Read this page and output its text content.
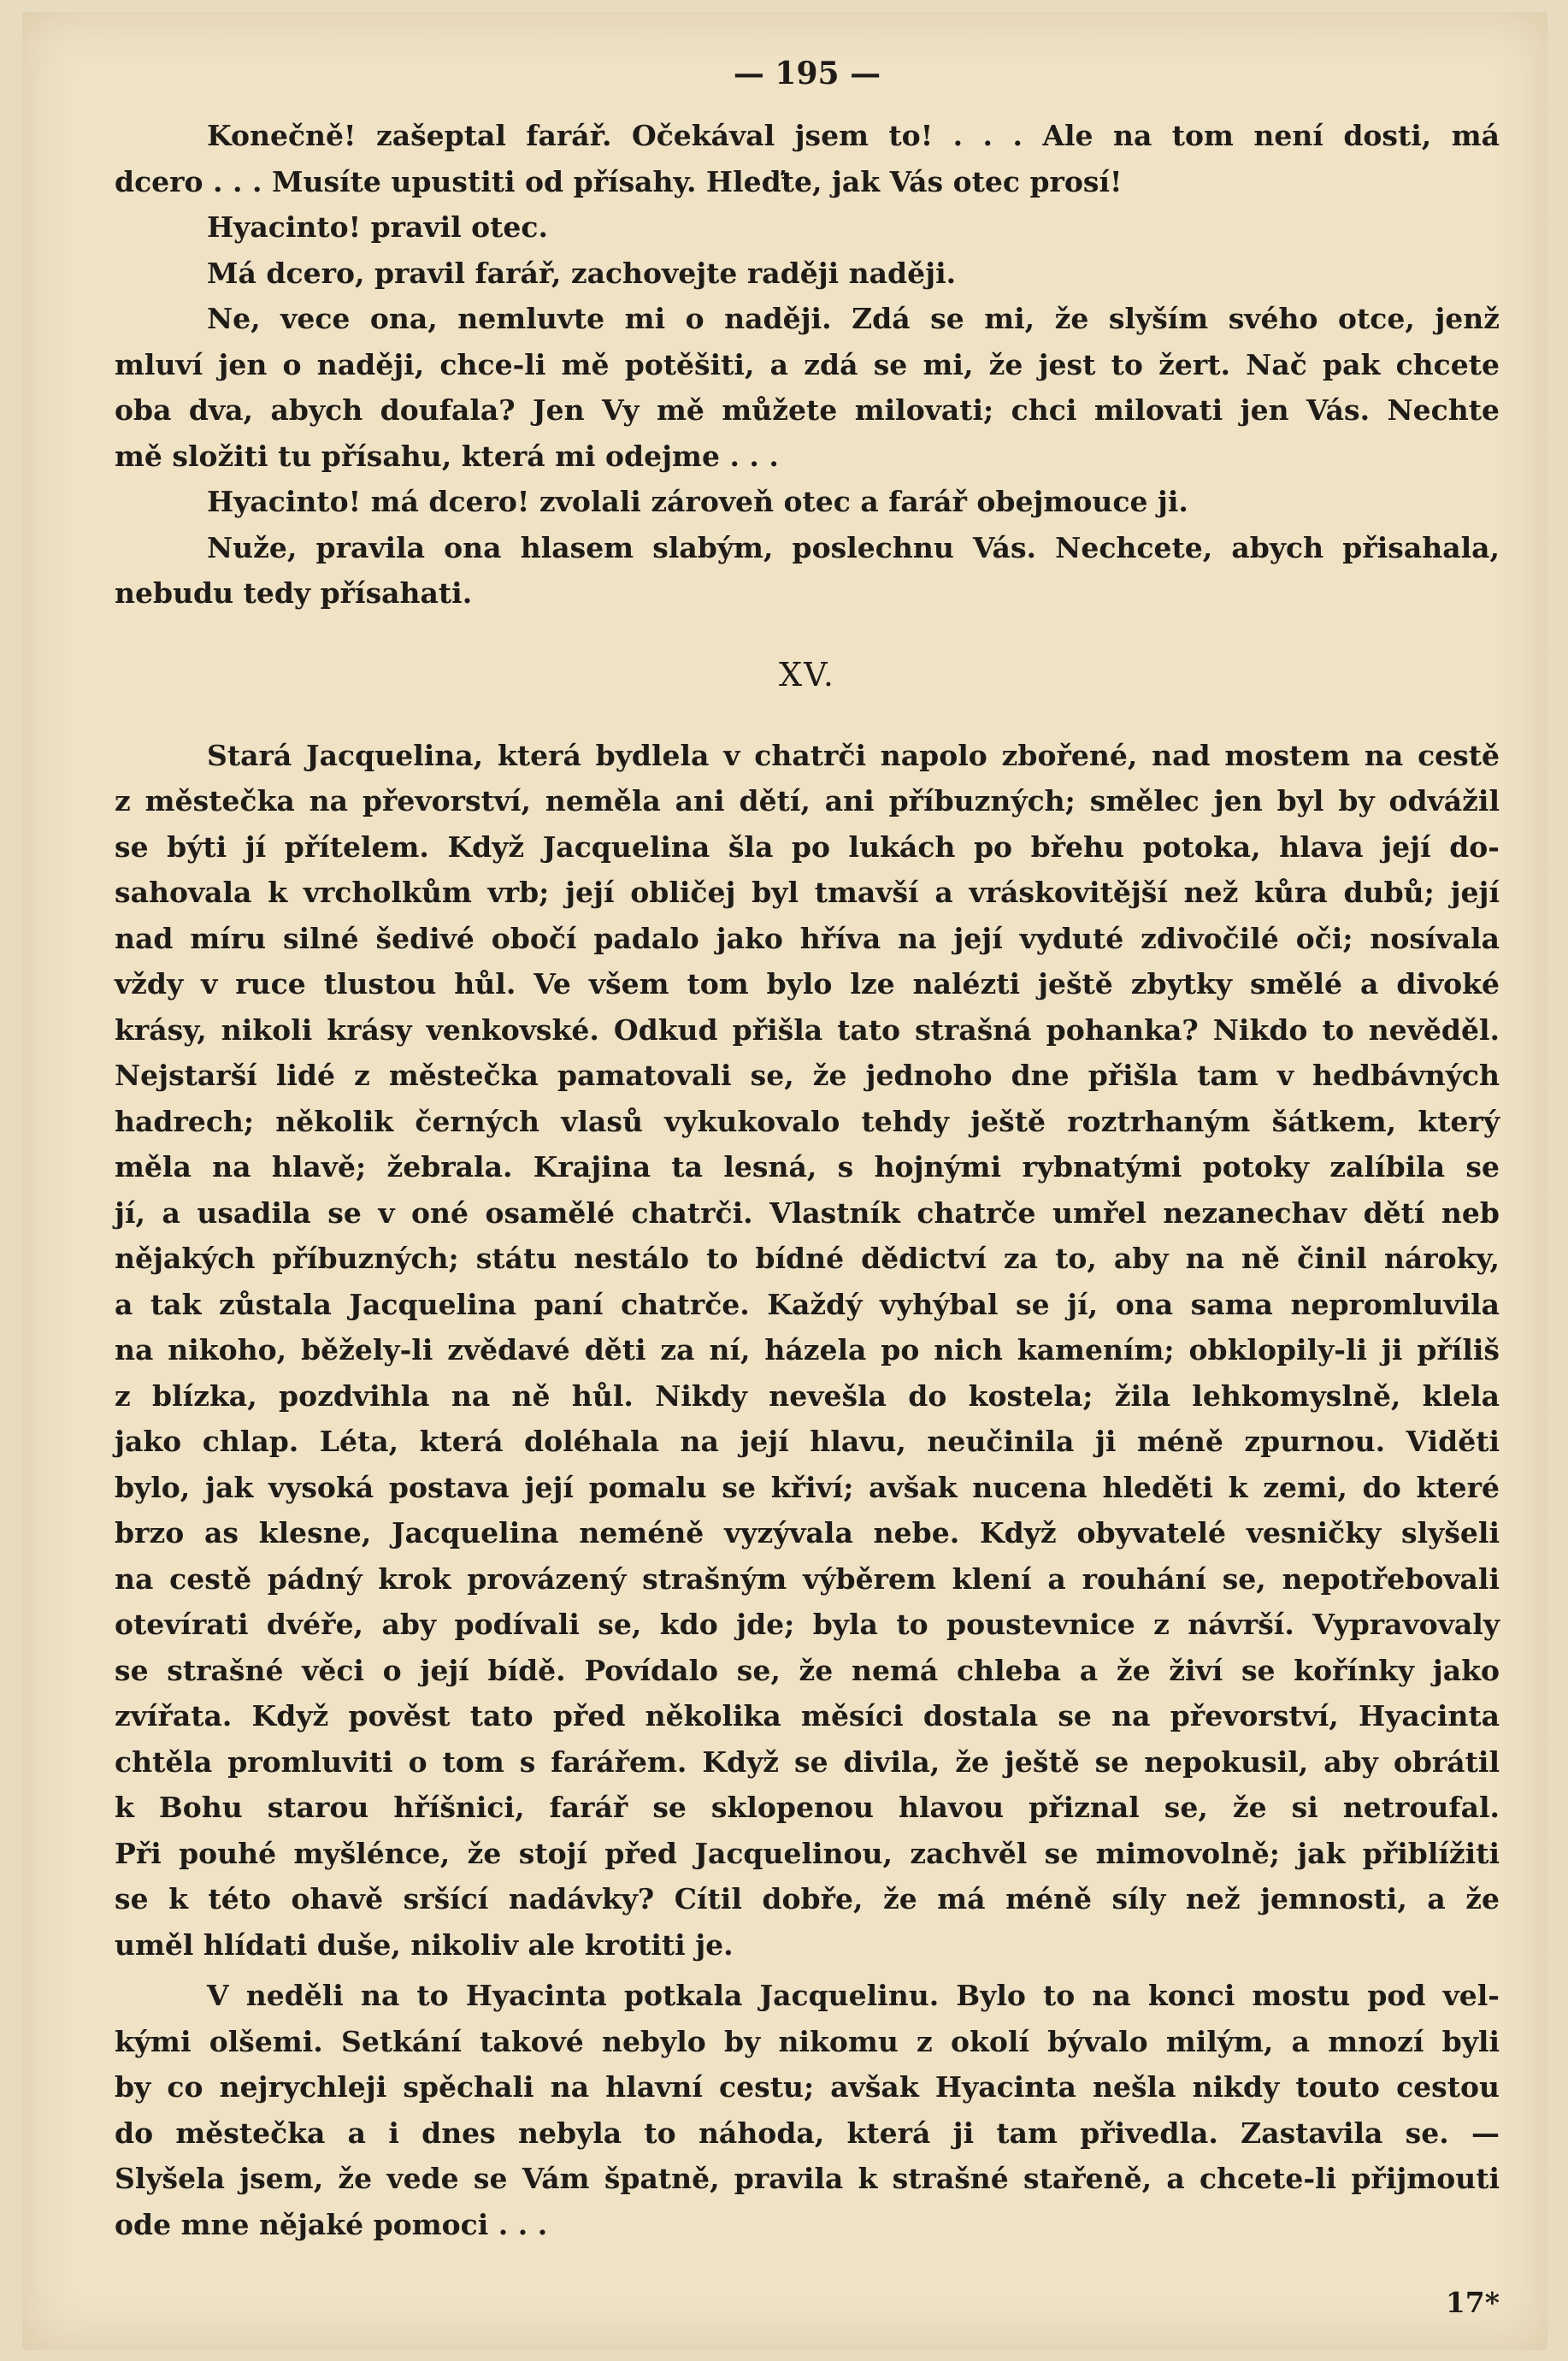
— 195 —
Konečně! zašeptal farář. Očekával jsem to! . . . Ale na tom není dosti, má
dcero . . . Musíte upustiti od přísahy. Hleďte, jak Vás otec prosí!
Hyacinto! pravil otec.
Má dcero, pravil farář, zachovejte raději naději.
Ne, vece ona, nemluvte mi o naději. Zdá se mi, že slyším svého otce, jenž
mluví jen o naději, chce-li mě potěšiti, a zdá se mi, že jest to žert. Nač pak chcete
oba dva, abych doufala? Jen Vy mě můžete milovati; chci milovati jen Vás. Nechte
mě složiti tu přísahu, která mi odejme . . .
Hyacinto! má dcero! zvolali zároveň otec a farář obejmouce ji.
Nuže, pravila ona hlasem slabým, poslechnu Vás. Nechcete, abych přisahala,
nebudu tedy přísahati.
XV.
Stará Jacquelina, která bydlela v chatrči napolo zbořené, nad mostem na cestě
z městečka na převorství, neměla ani dětí, ani příbuzných; smělec jen byl by odvážil
se býti jí přítelem. Když Jacquelina šla po lukách po břehu potoka, hlava její do-
sahovala k vrcholkům vrb; její obličej byl tmavší a vráskovitější než kůra dubů; její
nad míru silné šedivé obočí padalo jako hříva na její vyduté zdivočilé oči; nosívala
vždy v ruce tlustou hůl. Ve všem tom bylo lze nalézti ještě zbytky smělé a divoké
krásy, nikoli krásy venkovské. Odkud přišla tato strašná pohanka? Nikdo to nevěděl.
Nejstarší lidé z městečka pamatovali se, že jednoho dne přišla tam v hedbávných
hadrech; několik černých vlasů vykukovalo tehdy ještě roztrhaným šátkem, který
měla na hlavě; žebrala. Krajina ta lesná, s hojnými rybnatými potoky zalíbila se
jí, a usadila se v oné osamělé chatrči. Vlastník chatrče umřel nezanechav dětí neb
nějakých příbuzných; státu nestálo to bídné dědictví za to, aby na ně činil nároky,
a tak zůstala Jacquelina paní chatrče. Každý vyhýbal se jí, ona sama nepromluvila
na nikoho, běžely-li zvědavé děti za ní, házela po nich kamením; obklopily-li ji příliš
z blízka, pozdvihla na ně hůl. Nikdy nevešla do kostela; žila lehkomyslně, klela
jako chlap. Léta, která doléhala na její hlavu, neučinila ji méně zpurnou. Viděti
bylo, jak vysoká postava její pomalu se křiví; avšak nucena hleděti k zemi, do které
brzo as klesne, Jacquelina neméně vyzývala nebe. Když obyvatelé vesničky slyšeli
na cestě pádný krok provázený strašným výběrem klení a rouhání se, nepotřebovali
otevírati dvéře, aby podívali se, kdo jde; byla to poustevnice z návrší. Vypravovaly
se strašné věci o její bídě. Povídalo se, že nemá chleba a že živí se kořínky jako
zvířata. Když pověst tato před několika měsíci dostala se na převorství, Hyacinta
chtěla promluviti o tom s farářem. Když se divila, že ještě se nepokusil, aby obrátil
k Bohu starou hříšnici, farář se sklopenou hlavou přiznal se, že si netroufal.
Při pouhé myšlénce, že stojí před Jacquelinou, zachvěl se mimovolně; jak přiblížiti
se k této ohavě sršící nadávky? Cítil dobře, že má méně síly než jemnosti, a že
uměl hlídati duše, nikoliv ale krotiti je.
V neděli na to Hyacinta potkala Jacquelinu. Bylo to na konci mostu pod vel-
kými olšemi. Setkání takové nebylo by nikomu z okolí bývalo milým, a mnozí byli
by co nejrychleji spěchali na hlavní cestu; avšak Hyacinta nešla nikdy touto cestou
do městečka a i dnes nebyla to náhoda, která ji tam přivedla. Zastavila se. —
Slyšela jsem, že vede se Vám špatně, pravila k strašné stařeně, a chcete-li přijmouti
ode mne nějaké pomoci . . .
17*
